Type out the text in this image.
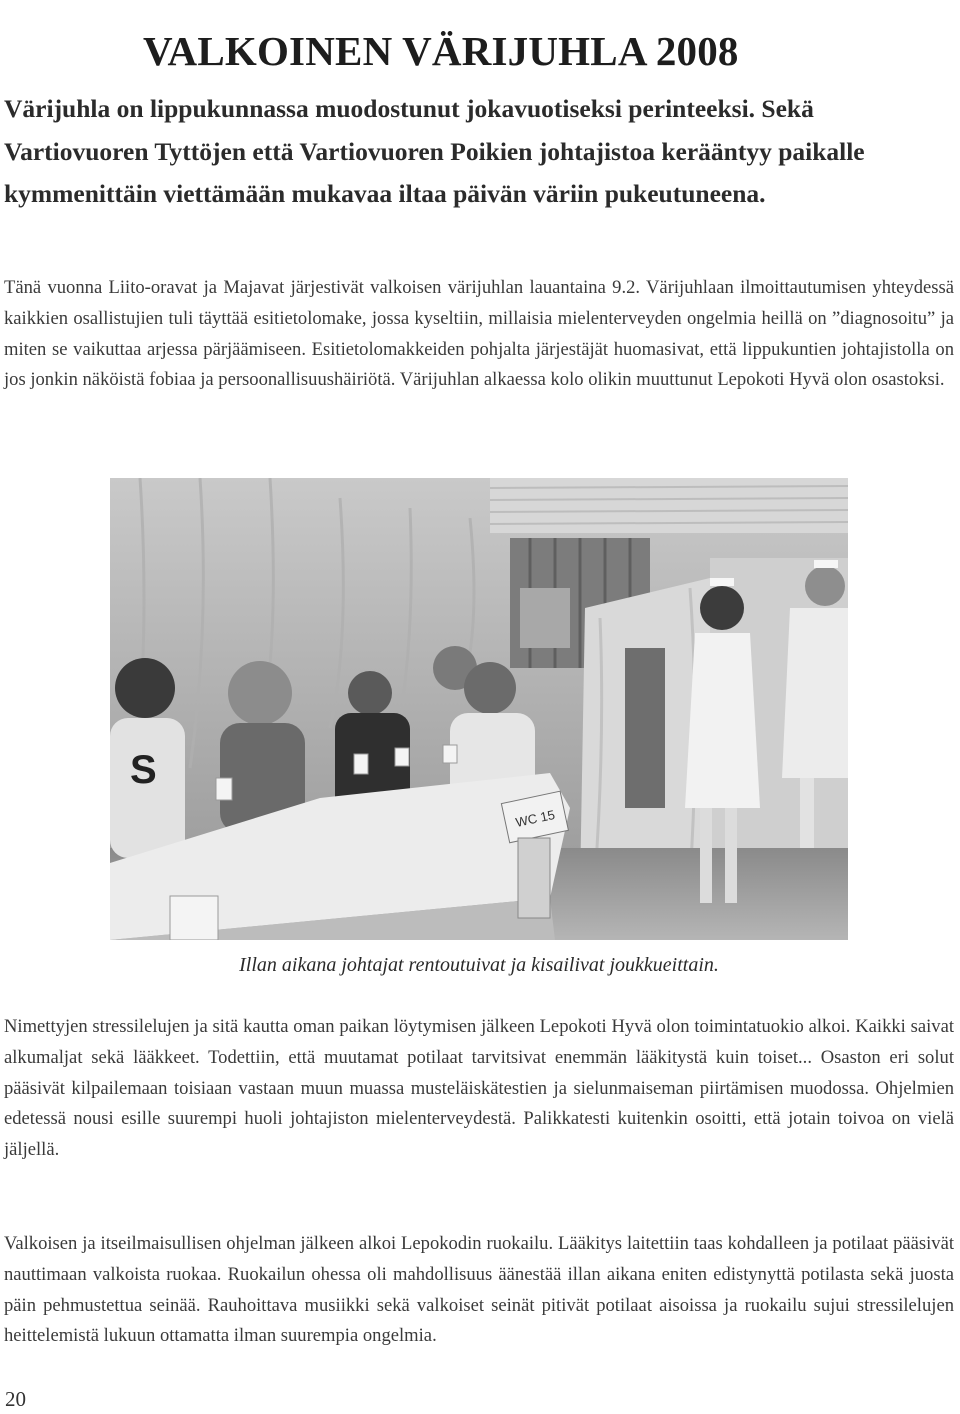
VALKOINEN VÄRIJUHLA 2008

Värijuhla on lippukunnassa muodostunut jokavuotiseksi perinteeksi. Sekä Vartiovuoren Tyttöjen että Vartiovuoren Poikien johtajistoa kerääntyy paikalle kymmenittäin viettämään mukavaa iltaa päivän väriin pukeutuneena.

Tänä vuonna Liito-oravat ja Majavat järjestivät valkoisen värijuhlan lauantaina 9.2. Värijuhlaan ilmoittautumisen yhteydessä kaikkien osallistujien tuli täyttää esitietolomake, jossa kyseltiin, millaisia mielenterveyden ongelmia heillä on ”diagnosoitu” ja miten se vaikuttaa arjessa pärjäämiseen. Esitietolomakkeiden pohjalta järjestäjät huomasivat, että lippukuntien johtajistolla on jos jonkin näköistä fobiaa ja persoonallisuushäiriötä. Värijuhlan alkaessa kolo olikin muuttunut Lepokoti Hyvä olon osastoksi.

S
WC 15

Illan aikana johtajat rentoutuivat ja kisailivat joukkueittain.

Nimettyjen stressilelujen ja sitä kautta oman paikan löytymisen jälkeen Lepokoti Hyvä olon toimintatuokio alkoi. Kaikki saivat alkumaljat sekä lääkkeet. Todettiin, että muutamat potilaat tarvitsivat enemmän lääkitystä kuin toiset... Osaston eri solut pääsivät kilpailemaan toisiaan vastaan muun muassa musteläiskätestien ja sielunmaiseman piirtämisen muodossa. Ohjelmien edetessä nousi esille suurempi huoli johtajiston mielenterveydestä. Palikkatesti kuitenkin osoitti, että jotain toivoa on vielä jäljellä.

Valkoisen ja itseilmaisullisen ohjelman jälkeen alkoi Lepokodin ruokailu. Lääkitys laitettiin taas kohdalleen ja potilaat pääsivät nauttimaan valkoista ruokaa. Ruokailun ohessa oli mahdollisuus äänestää illan aikana eniten edistynyttä potilasta sekä juosta päin pehmustettua seinää. Rauhoittava musiikki sekä valkoiset seinät pitivät potilaat aisoissa ja ruokailu sujui stressilelujen heittelemistä lukuun ottamatta ilman suurempia ongelmia.

20
